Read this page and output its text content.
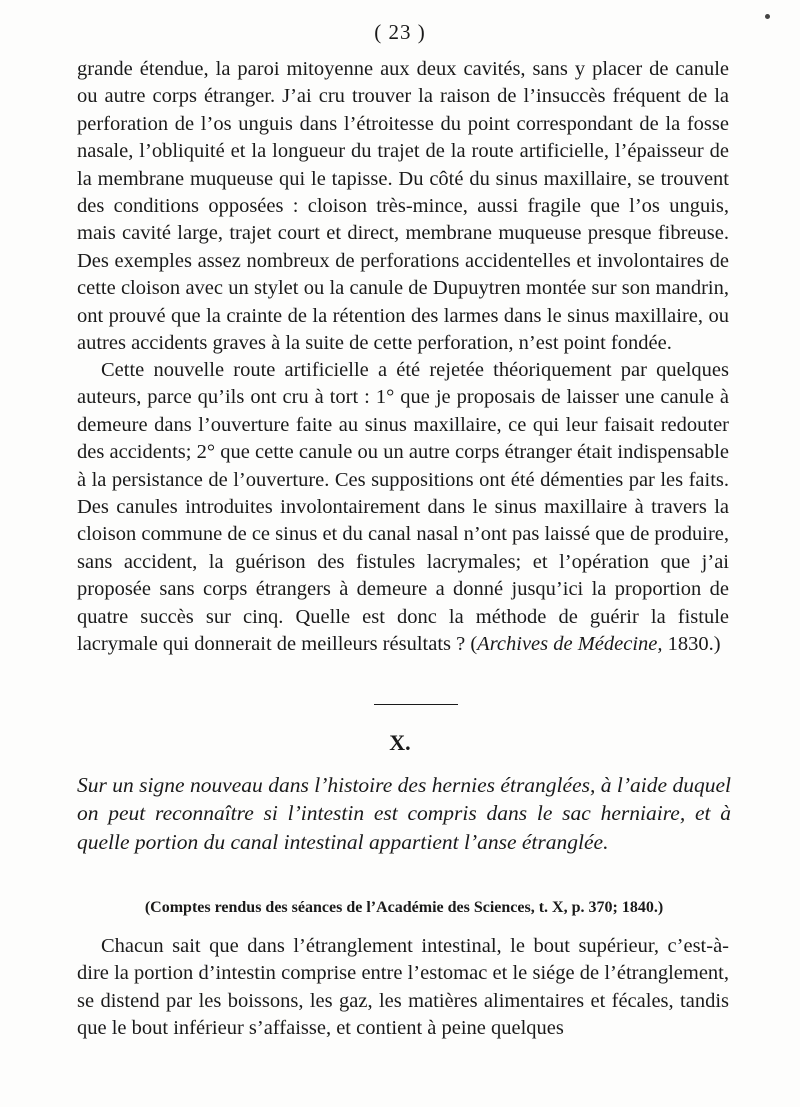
( 23 )

grande étendue, la paroi mitoyenne aux deux cavités, sans y placer de canule ou autre corps étranger. J’ai cru trouver la raison de l’insuccès fréquent de la perforation de l’os unguis dans l’étroitesse du point correspondant de la fosse nasale, l’obliquité et la longueur du trajet de la route artificielle, l’épaisseur de la membrane muqueuse qui le tapisse. Du côté du sinus maxillaire, se trouvent des conditions opposées : cloison très-mince, aussi fragile que l’os unguis, mais cavité large, trajet court et direct, membrane muqueuse presque fibreuse. Des exemples assez nombreux de perforations accidentelles et involontaires de cette cloison avec un stylet ou la canule de Dupuytren montée sur son mandrin, ont prouvé que la crainte de la rétention des larmes dans le sinus maxillaire, ou autres accidents graves à la suite de cette perforation, n’est point fondée.

Cette nouvelle route artificielle a été rejetée théoriquement par quelques auteurs, parce qu’ils ont cru à tort : 1° que je proposais de laisser une canule à demeure dans l’ouverture faite au sinus maxillaire, ce qui leur faisait redouter des accidents; 2° que cette canule ou un autre corps étranger était indispensable à la persistance de l’ouverture. Ces suppositions ont été démenties par les faits. Des canules introduites involontairement dans le sinus maxillaire à travers la cloison commune de ce sinus et du canal nasal n’ont pas laissé que de produire, sans accident, la guérison des fistules lacrymales; et l’opération que j’ai proposée sans corps étrangers à demeure a donné jusqu’ici la proportion de quatre succès sur cinq. Quelle est donc la méthode de guérir la fistule lacrymale qui donnerait de meilleurs résultats ? (Archives de Médecine, 1830.)

X.

Sur un signe nouveau dans l’histoire des hernies étranglées, à l’aide duquel on peut reconnaître si l’intestin est compris dans le sac herniaire, et à quelle portion du canal intestinal appartient l’anse étranglée.

(Comptes rendus des séances de l’Académie des Sciences, t. X, p. 370; 1840.)

Chacun sait que dans l’étranglement intestinal, le bout supérieur, c’est-à-dire la portion d’intestin comprise entre l’estomac et le siége de l’étranglement, se distend par les boissons, les gaz, les matières alimentaires et fécales, tandis que le bout inférieur s’affaisse, et contient à peine quelques
